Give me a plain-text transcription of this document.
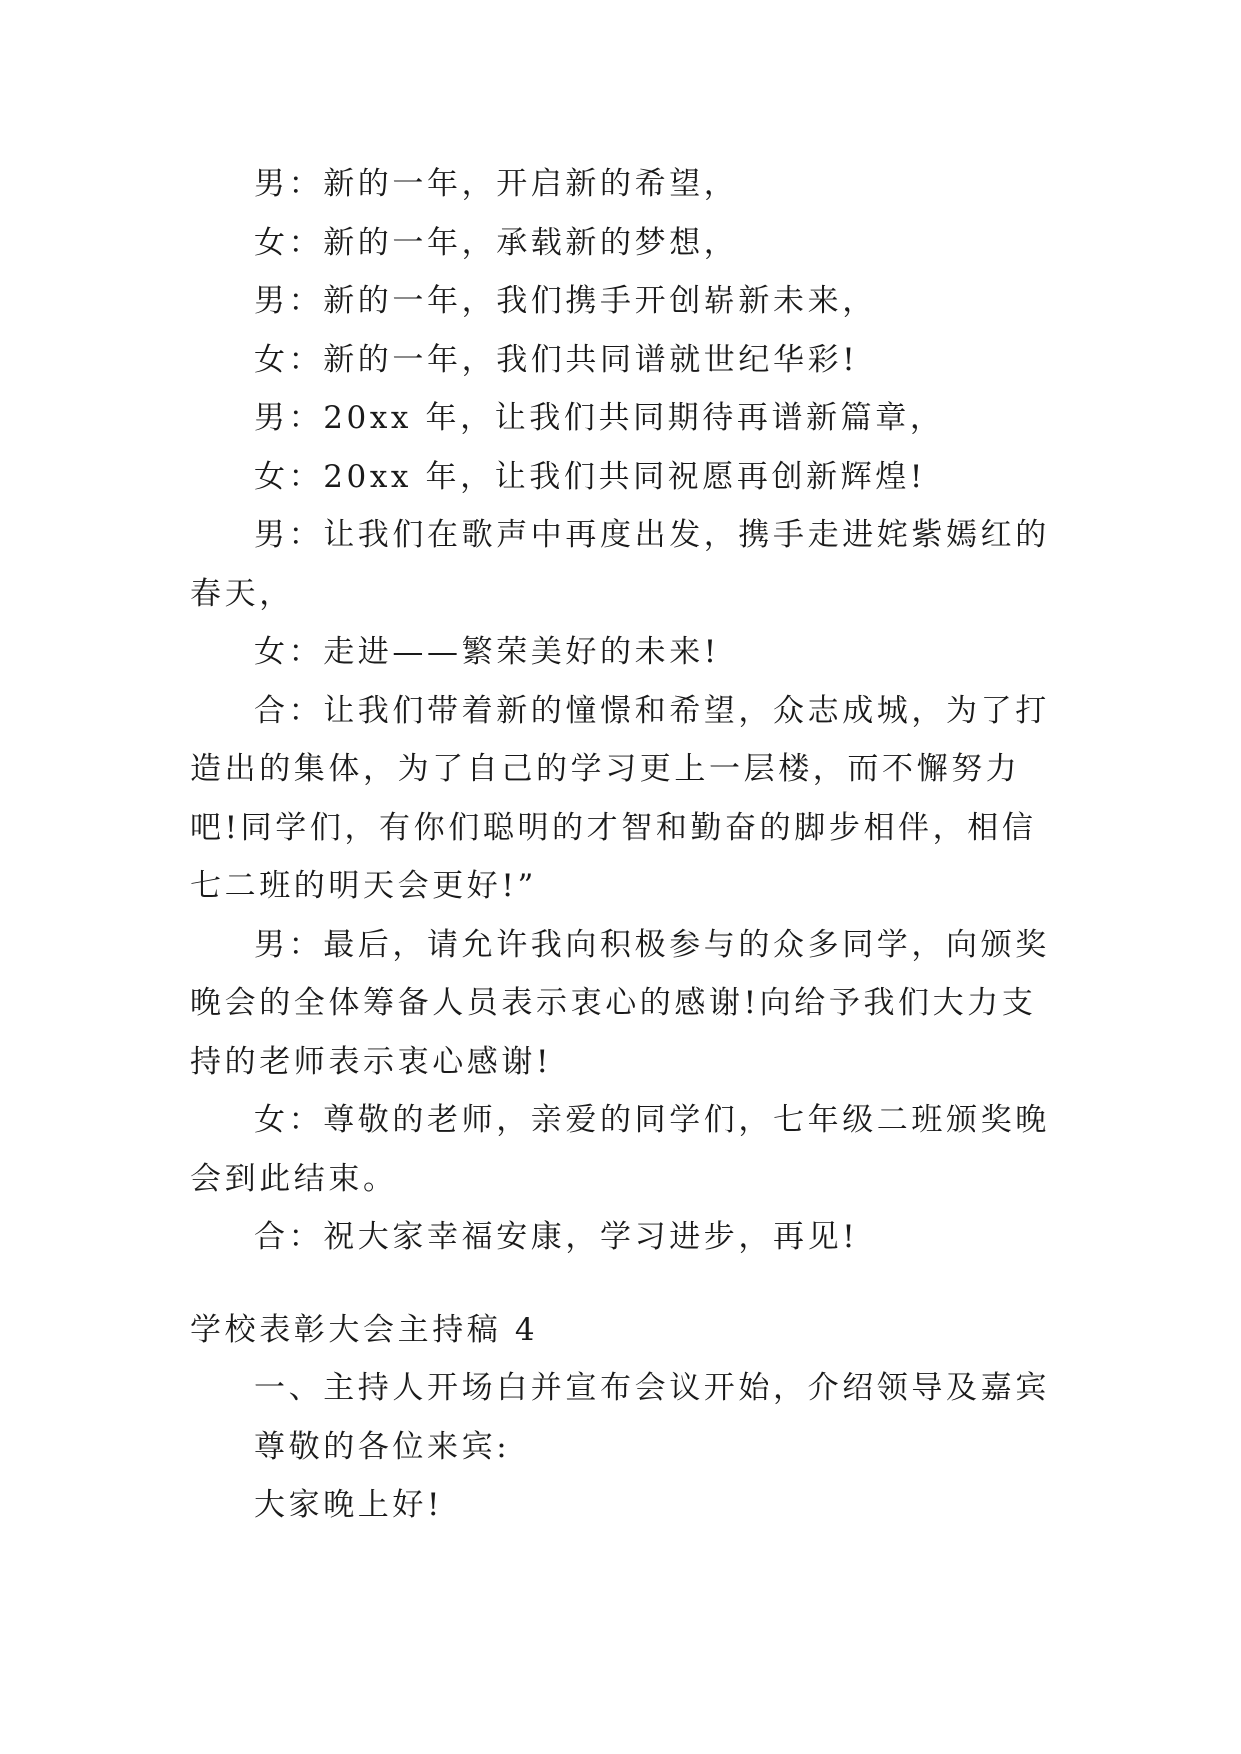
男：新的一年，开启新的希望，

女：新的一年，承载新的梦想，

男：新的一年，我们携手开创崭新未来，

女：新的一年，我们共同谱就世纪华彩!

男：20xx 年，让我们共同期待再谱新篇章，

女：20xx 年，让我们共同祝愿再创新辉煌!

男：让我们在歌声中再度出发，携手走进姹紫嫣红的春天，

女：走进——繁荣美好的未来!

合：让我们带着新的憧憬和希望，众志成城，为了打造出的集体，为了自己的学习更上一层楼，而不懈努力吧!同学们，有你们聪明的才智和勤奋的脚步相伴，相信七二班的明天会更好!”

男：最后，请允许我向积极参与的众多同学，向颁奖晚会的全体筹备人员表示衷心的感谢!向给予我们大力支持的老师表示衷心感谢!

女：尊敬的老师，亲爱的同学们，七年级二班颁奖晚会到此结束。

合：祝大家幸福安康，学习进步，再见!

学校表彰大会主持稿 4

一、主持人开场白并宣布会议开始，介绍领导及嘉宾

尊敬的各位来宾:

大家晚上好!
